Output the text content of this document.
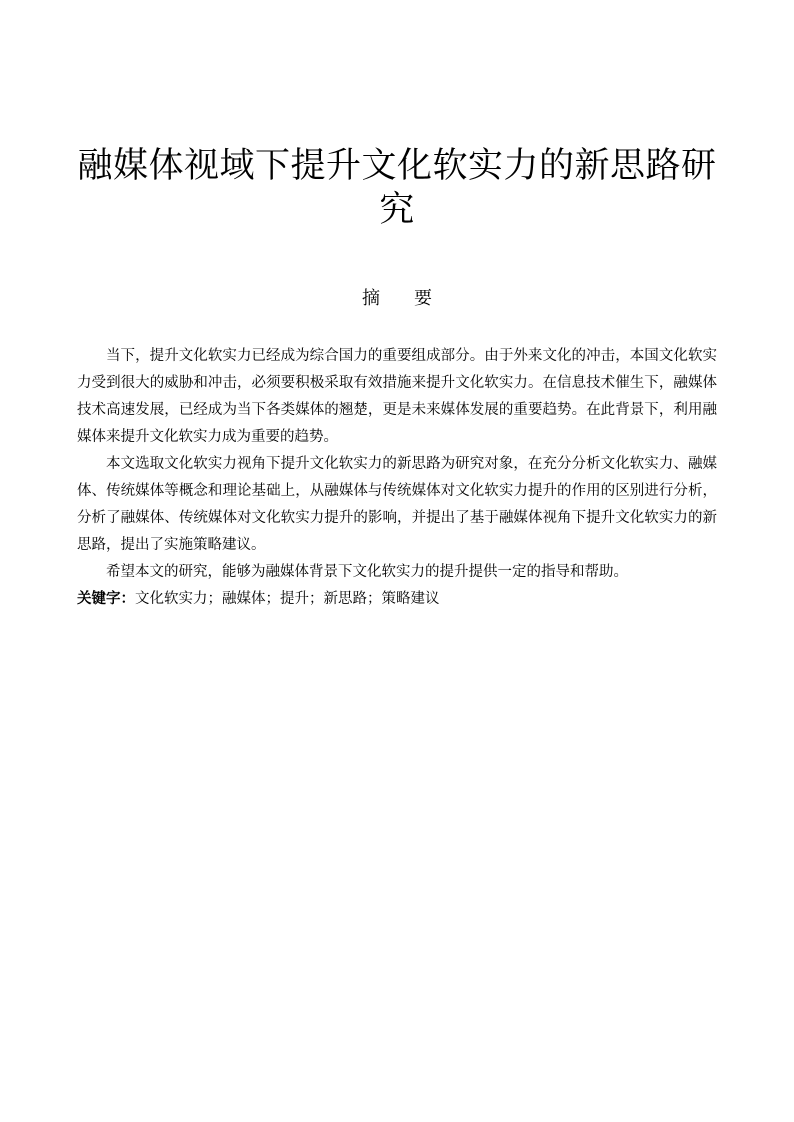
融媒体视域下提升文化软实力的新思路研
究
摘 要

当下，提升文化软实力已经成为综合国力的重要组成部分。由于外来文化的冲击，本国文化软实力受到很大的威胁和冲击，必须要积极采取有效措施来提升文化软实力。在信息技术催生下，融媒体技术高速发展，已经成为当下各类媒体的翘楚，更是未来媒体发展的重要趋势。在此背景下，利用融媒体来提升文化软实力成为重要的趋势。

本文选取文化软实力视角下提升文化软实力的新思路为研究对象，在充分分析文化软实力、融媒体、传统媒体等概念和理论基础上，从融媒体与传统媒体对文化软实力提升的作用的区别进行分析，分析了融媒体、传统媒体对文化软实力提升的影响，并提出了基于融媒体视角下提升文化软实力的新思路，提出了实施策略建议。

希望本文的研究，能够为融媒体背景下文化软实力的提升提供一定的指导和帮助。

关键字：文化软实力；融媒体；提升；新思路；策略建议
